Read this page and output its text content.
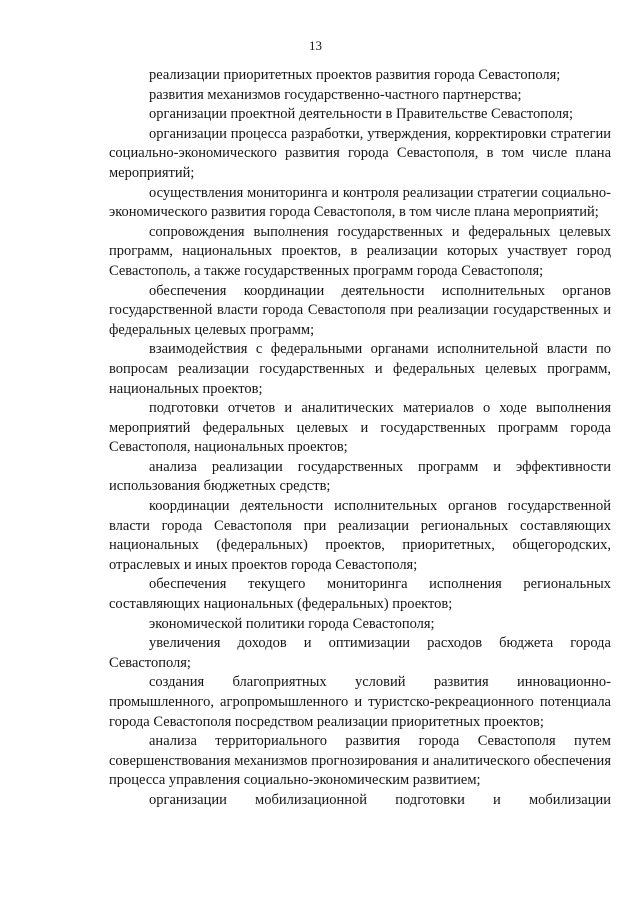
13

реализации приоритетных проектов развития города Севастополя;

развития механизмов государственно-частного партнерства;

организации проектной деятельности в Правительстве Севастополя;

организации процесса разработки, утверждения, корректировки стратегии социально-экономического развития города Севастополя, в том числе плана мероприятий;

осуществления мониторинга и контроля реализации стратегии социально-экономического развития города Севастополя, в том числе плана мероприятий;

сопровождения выполнения государственных и федеральных целевых программ, национальных проектов, в реализации которых участвует город Севастополь, а также государственных программ города Севастополя;

обеспечения координации деятельности исполнительных органов государственной власти города Севастополя при реализации государственных и федеральных целевых программ;

взаимодействия с федеральными органами исполнительной власти по вопросам реализации государственных и федеральных целевых программ, национальных проектов;

подготовки отчетов и аналитических материалов о ходе выполнения мероприятий федеральных целевых и государственных программ города Севастополя, национальных проектов;

анализа реализации государственных программ и эффективности использования бюджетных средств;

координации деятельности исполнительных органов государственной власти города Севастополя при реализации региональных составляющих национальных (федеральных) проектов, приоритетных, общегородских, отраслевых и иных проектов города Севастополя;

обеспечения текущего мониторинга исполнения региональных составляющих национальных (федеральных) проектов;

экономической политики города Севастополя;

увеличения доходов и оптимизации расходов бюджета города Севастополя;

создания благоприятных условий развития инновационно-промышленного, агропромышленного и туристско-рекреационного потенциала города Севастополя посредством реализации приоритетных проектов;

анализа территориального развития города Севастополя путем совершенствования механизмов прогнозирования и аналитического обеспечения процесса управления социально-экономическим развитием;

организации мобилизационной подготовки и мобилизации
